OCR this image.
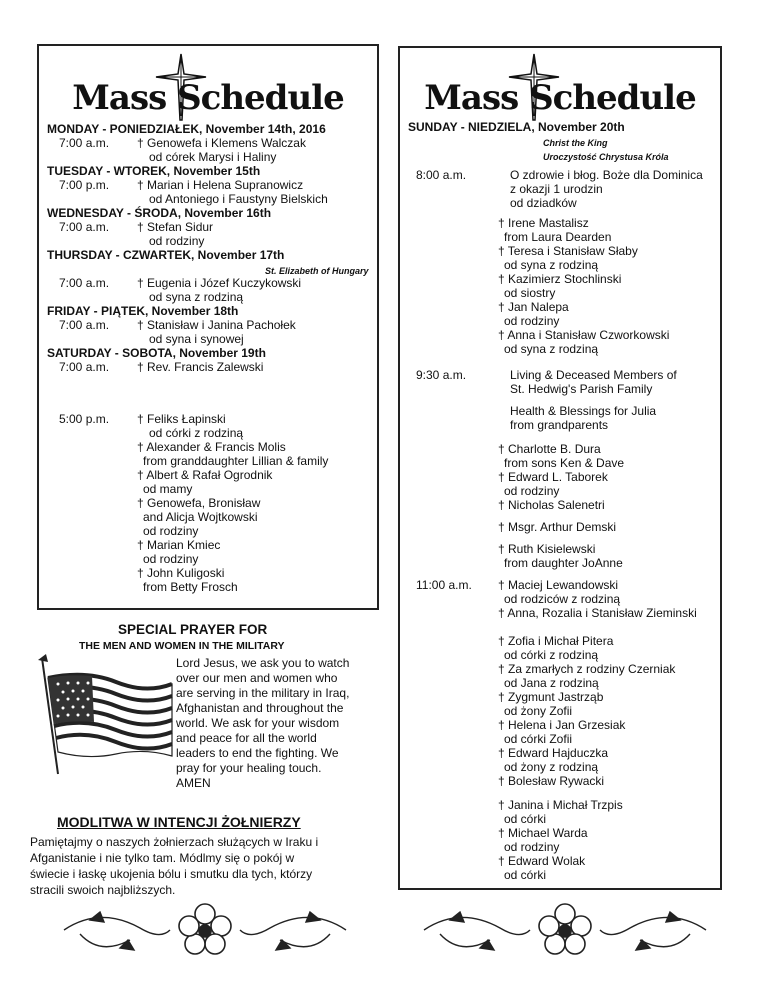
Mass Schedule
MONDAY - PONIEDZIAŁEK, November 14th, 2016
7:00 a.m. † Genowefa i Klemens Walczak
od córek Marysi i Haliny
TUESDAY - WTOREK, November 15th
7:00 p.m. † Marian i Helena Supranowicz
od Antoniego i Faustyny Bielskich
WEDNESDAY - ŚRODA, November 16th
7:00 a.m. † Stefan Sidur
od rodziny
THURSDAY - CZWARTEK, November 17th
St. Elizabeth of Hungary
7:00 a.m. † Eugenia i Józef Kuczykowski
od syna z rodziną
FRIDAY - PIĄTEK, November 18th
7:00 a.m. † Stanisław i Janina Pachołek
od syna i synowej
SATURDAY - SOBOTA, November 19th
7:00 a.m. † Rev. Francis Zalewski
5:00 p.m. † Feliks Łapinski
od córki z rodziną
† Alexander & Francis Molis
from granddaughter Lillian & family
† Albert & Rafał Ogrodnik
od mamy
† Genowefa, Bronisław
and Alicja Wojtkowski
od rodziny
† Marian Kmiec
od rodziny
† John Kuligoski
from Betty Frosch
SPECIAL PRAYER FOR
THE MEN AND WOMEN IN THE MILITARY
Lord Jesus, we ask you to watch
over our men and women who
are serving in the military in Iraq,
Afghanistan and throughout the
world. We ask for your wisdom
and peace for all the world
leaders to end the fighting. We
pray for your healing touch.
AMEN
MODLITWA W INTENCJI ŻOŁNIERZY
Pamiętajmy o naszych żołnierzach służących w Iraku i
Afganistanie i nie tylko tam. Módlmy się o pokój w
świecie i łaskę ukojenia bólu i smutku dla tych, którzy
stracili swoich najbliższych.
Mass Schedule
SUNDAY - NIEDZIELA, November 20th
Christ the King
Uroczystość Chrystusa Króla
8:00 a.m.	O zdrowie i błog. Boże dla Dominica
z okazji 1 urodzin
od dziadków
† Irene Mastalisz
from Laura Dearden
† Teresa i Stanisław Słaby
od syna z rodziną
† Kazimierz Stochlinski
od siostry
† Jan Nalepa
od rodziny
† Anna i Stanisław Czworkowski
od syna z rodziną
9:30 a.m.	Living & Deceased Members of
St. Hedwig's Parish Family
Health & Blessings for Julia
from grandparents
† Charlotte B. Dura
from sons Ken & Dave
† Edward L. Taborek
od rodziny
† Nicholas Salenetri
† Msgr. Arthur Demski
† Ruth Kisielewski
from daughter JoAnne
11:00 a.m. † Maciej Lewandowski
od rodziców z rodziną
† Anna, Rozalia i Stanisław Zieminski
† Zofia i Michał Pitera
od córki z rodziną
† Za zmarłych z rodziny Czerniak
od Jana z rodziną
† Zygmunt Jastrząb
od żony Zofii
† Helena i Jan Grzesiak
od córki Zofii
† Edward Hajduczka
od żony z rodziną
† Bolesław Rywacki
† Janina i Michał Trzpis
od córki
† Michael Warda
od rodziny
† Edward Wolak
od córki
